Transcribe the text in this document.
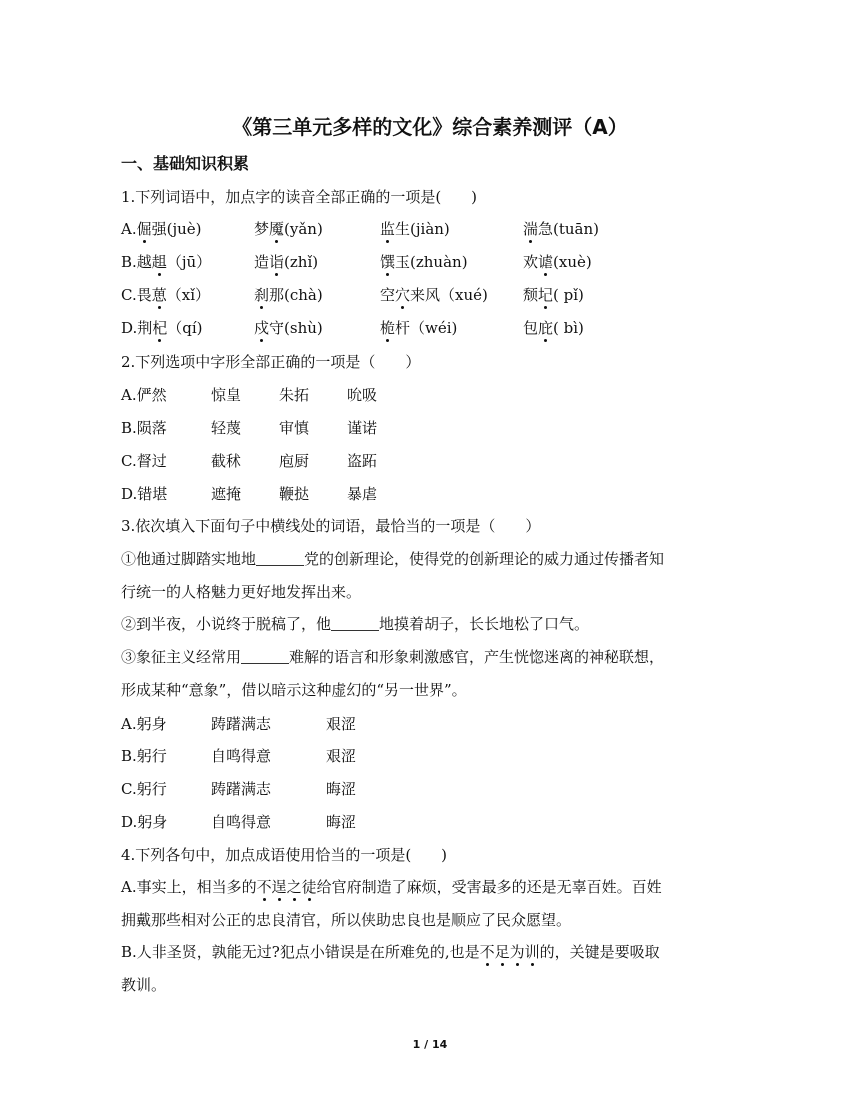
《第三单元多样的文化》综合素养测评（A）
一、基础知识积累
1.下列词语中，加点字的读音全部正确的一项是(　　)
A.倔强(juè)	梦魇(yǎn)	监生(jiàn)	湍急(tuān)
B.越趄（jū）	造诣(zhǐ)	馔玉(zhuàn)	欢谑(xuè)
C.畏葸（xǐ）	刹那(chà)	空穴来风（xué) 颓圮( pǐ)
D.荆杞（qí)	戍守(shù)	桅杆（wéi)	包庇( bì)
2.下列选项中字形全部正确的一项是（　　）
A.俨然	惊皇	朱拓	吮吸
B.陨落	轻蔑	审慎	谨诺
C.督过	截秫	庖厨	盗跖
D.错堪	遮掩	鞭挞	暴虐
3.依次填入下面句子中横线处的词语，最恰当的一项是（　　）
①他通过脚踏实地地	党的创新理论，使得党的创新理论的威力通过传播者知
行统一的人格魅力更好地发挥出来。
②到半夜，小说终于脱稿了，他	地摸着胡子，长长地松了口气。
③象征主义经常用	难解的语言和形象刺激感官，产生恍惚迷离的神秘联想，
形成某种“意象”，借以暗示这种虚幻的“另一世界”。
A.躬身	踌躇满志	艰涩
B.躬行	自鸣得意	艰涩
C.躬行	踌躇满志	晦涩
D.躬身	自鸣得意	晦涩
4.下列各句中，加点成语使用恰当的一项是(　　)
A.事实上，相当多的不逞之徒给官府制造了麻烦，受害最多的还是无辜百姓。百姓
拥戴那些相对公正的忠良清官，所以侠助忠良也是顺应了民众愿望。
B.人非圣贤，孰能无过?犯点小错误是在所难免的,也是不足为训的，关键是要吸取
教训。
1 / 14
